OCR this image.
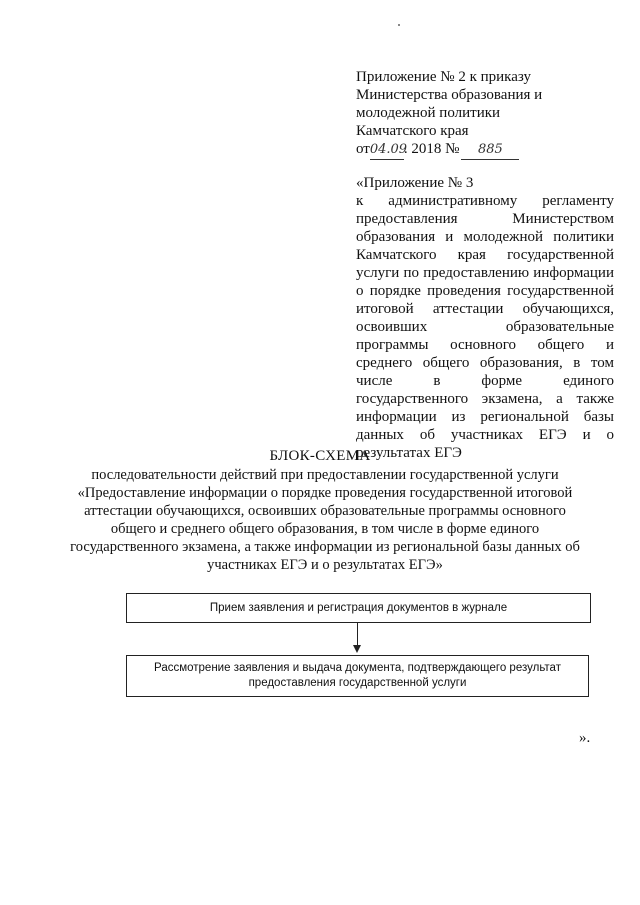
Приложение № 2 к приказу
Министерства образования и
молодежной политики
Камчатского края
от04.09. 2018 № 885
«Приложение № 3
к административному регламенту предоставления Министерством образования и молодежной политики Камчатского края государственной услуги по предоставлению информации о порядке проведения государственной итоговой аттестации обучающихся, освоивших образовательные программы основного общего и среднего общего образования, в том числе в форме единого государственного экзамена, а также информации из региональной базы данных об участниках ЕГЭ и о результатах ЕГЭ
БЛОК-СХЕМА
последовательности действий при предоставлении государственной услуги «Предоставление информации о порядке проведения государственной итоговой аттестации обучающихся, освоивших образовательные программы основного общего и среднего общего образования, в том числе в форме единого государственного экзамена, а также информации из региональной базы данных об участниках ЕГЭ и о результатах ЕГЭ»
Прием заявления и регистрация документов в журнале
Рассмотрение заявления и выдача документа, подтверждающего результат предоставления государственной услуги
».
